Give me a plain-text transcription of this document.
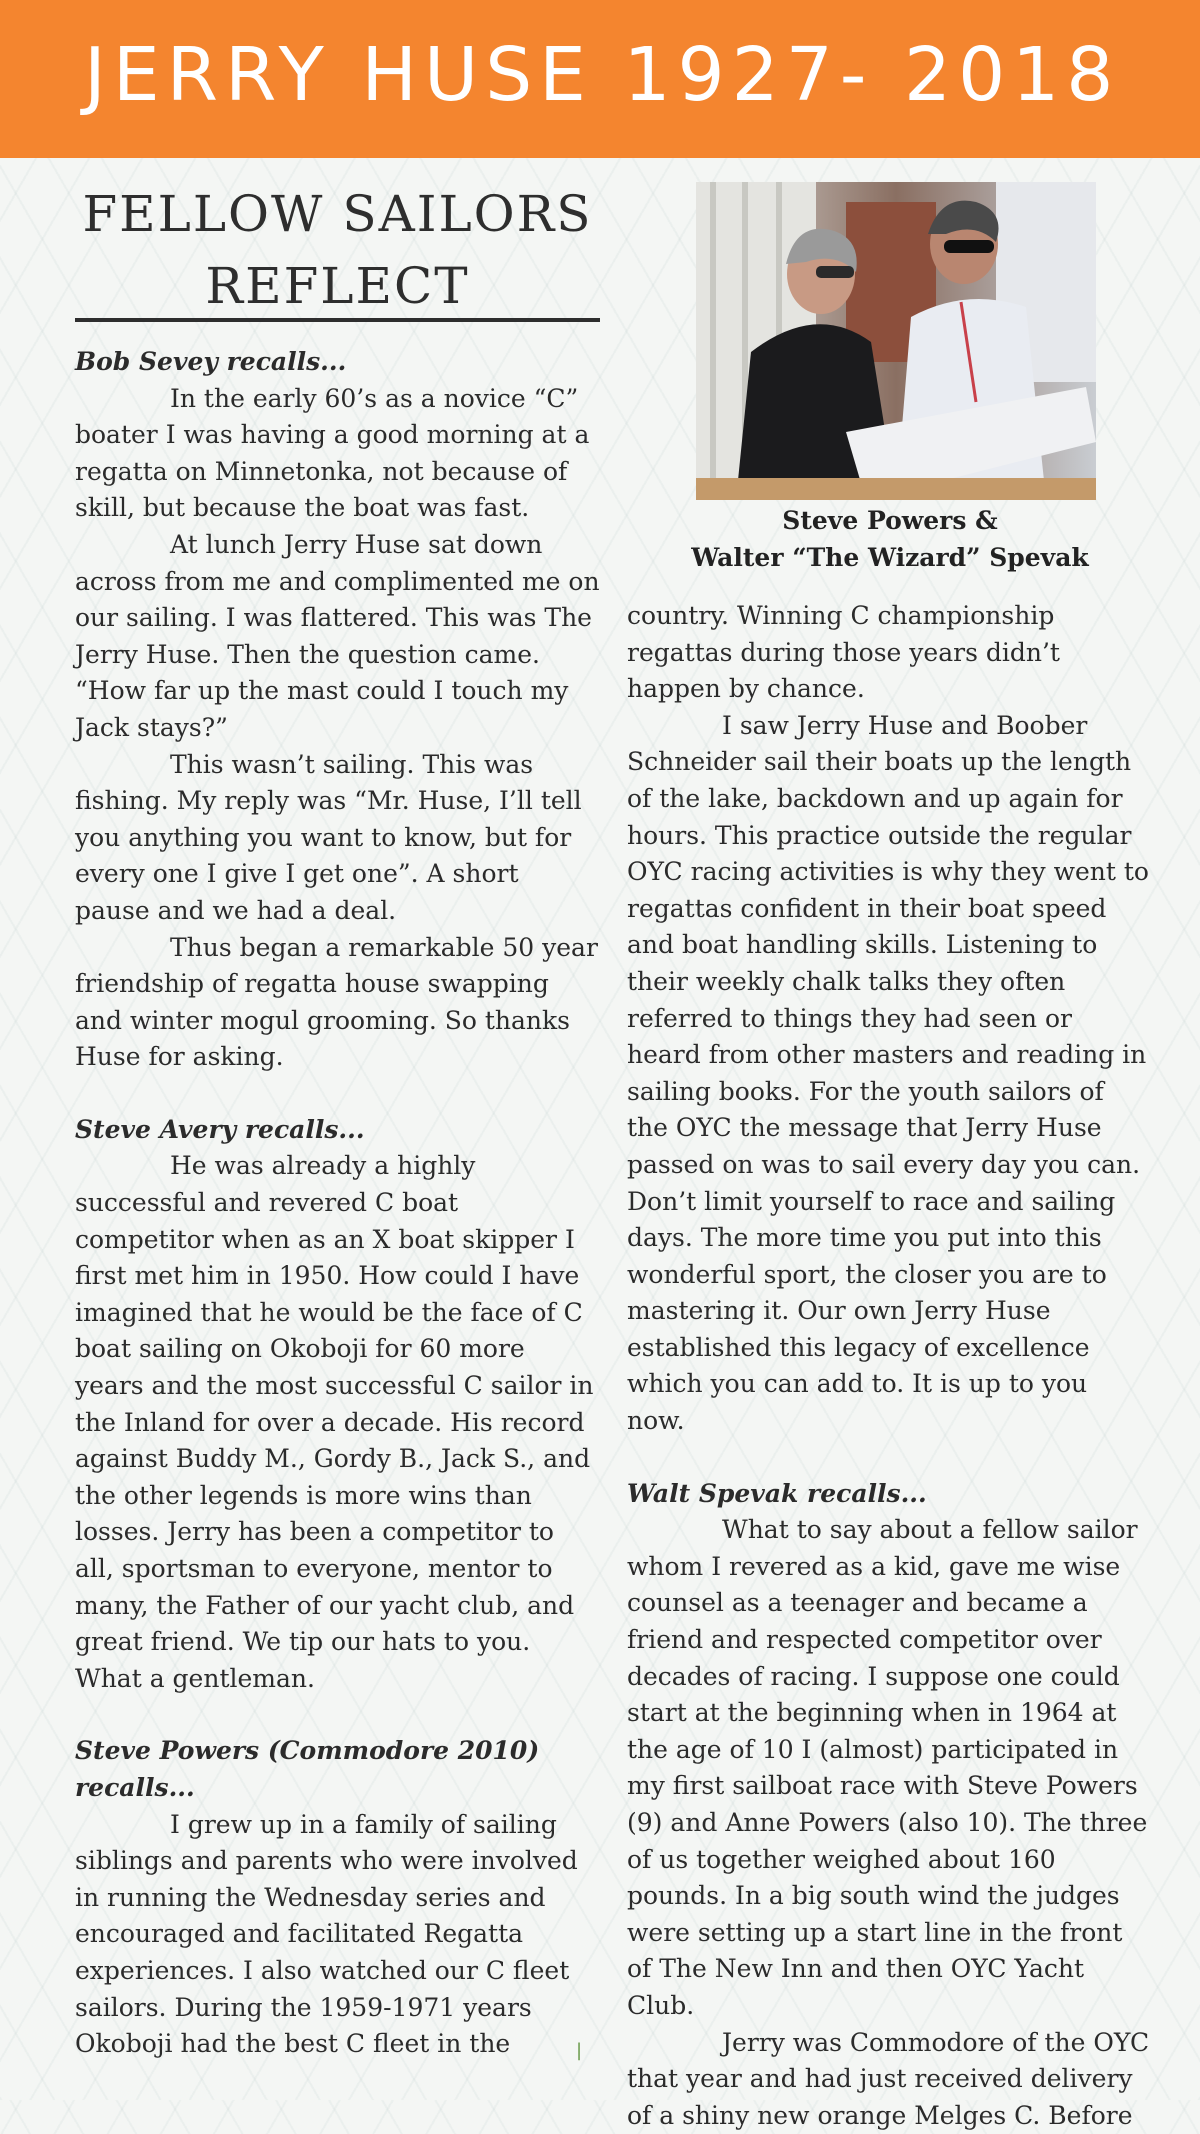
JERRY HUSE 1927- 2018
FELLOW SAILORS
REFLECT

Steve Powers &
Walter “The Wizard” Spevak

Bob Sevey recalls...

In the early 60’s as a novice “C” boater I was having a good morning at a regatta on Minnetonka, not because of skill, but because the boat was fast.

At lunch Jerry Huse sat down across from me and complimented me on our sailing. I was flattered. This was The Jerry Huse. Then the question came. “How far up the mast could I touch my Jack stays?”

This wasn’t sailing. This was fishing. My reply was “Mr. Huse, I’ll tell you anything you want to know, but for every one I give I get one”. A short pause and we had a deal.

Thus began a remarkable 50 year friendship of regatta house swapping and winter mogul grooming. So thanks Huse for asking.

Steve Avery recalls...

He was already a highly successful and revered C boat competitor when as an X boat skipper I first met him in 1950. How could I have imagined that he would be the face of C boat sailing on Okoboji for 60 more years and the most successful C sailor in the Inland for over a decade. His record against Buddy M., Gordy B., Jack S., and the other legends is more wins than losses. Jerry has been a competitor to all, sportsman to everyone, mentor to many, the Father of our yacht club, and great friend. We tip our hats to you. What a gentleman.

Steve Powers (Commodore 2010) recalls...

I grew up in a family of sailing siblings and parents who were involved in running the Wednesday series and encouraged and facilitated Regatta experiences. I also watched our C fleet sailors. During the 1959-1971 years Okoboji had the best C fleet in the

country. Winning C championship regattas during those years didn’t happen by chance.

I saw Jerry Huse and Boober Schneider sail their boats up the length of the lake, backdown and up again for hours. This practice outside the regular OYC racing activities is why they went to regattas confident in their boat speed and boat handling skills. Listening to their weekly chalk talks they often referred to things they had seen or heard from other masters and reading in sailing books. For the youth sailors of the OYC the message that Jerry Huse passed on was to sail every day you can. Don’t limit yourself to race and sailing days. The more time you put into this wonderful sport, the closer you are to mastering it. Our own Jerry Huse established this legacy of excellence which you can add to. It is up to you now.

Walt Spevak recalls...

What to say about a fellow sailor whom I revered as a kid, gave me wise counsel as a teenager and became a friend and respected competitor over decades of racing. I suppose one could start at the beginning when in 1964 at the age of 10 I (almost) participated in my first sailboat race with Steve Powers (9) and Anne Powers (also 10). The three of us together weighed about 160 pounds. In a big south wind the judges were setting up a start line in the front of The New Inn and then OYC Yacht Club.

Jerry was Commodore of the OYC that year and had just received delivery of a shiny new orange Melges C. Before

|
